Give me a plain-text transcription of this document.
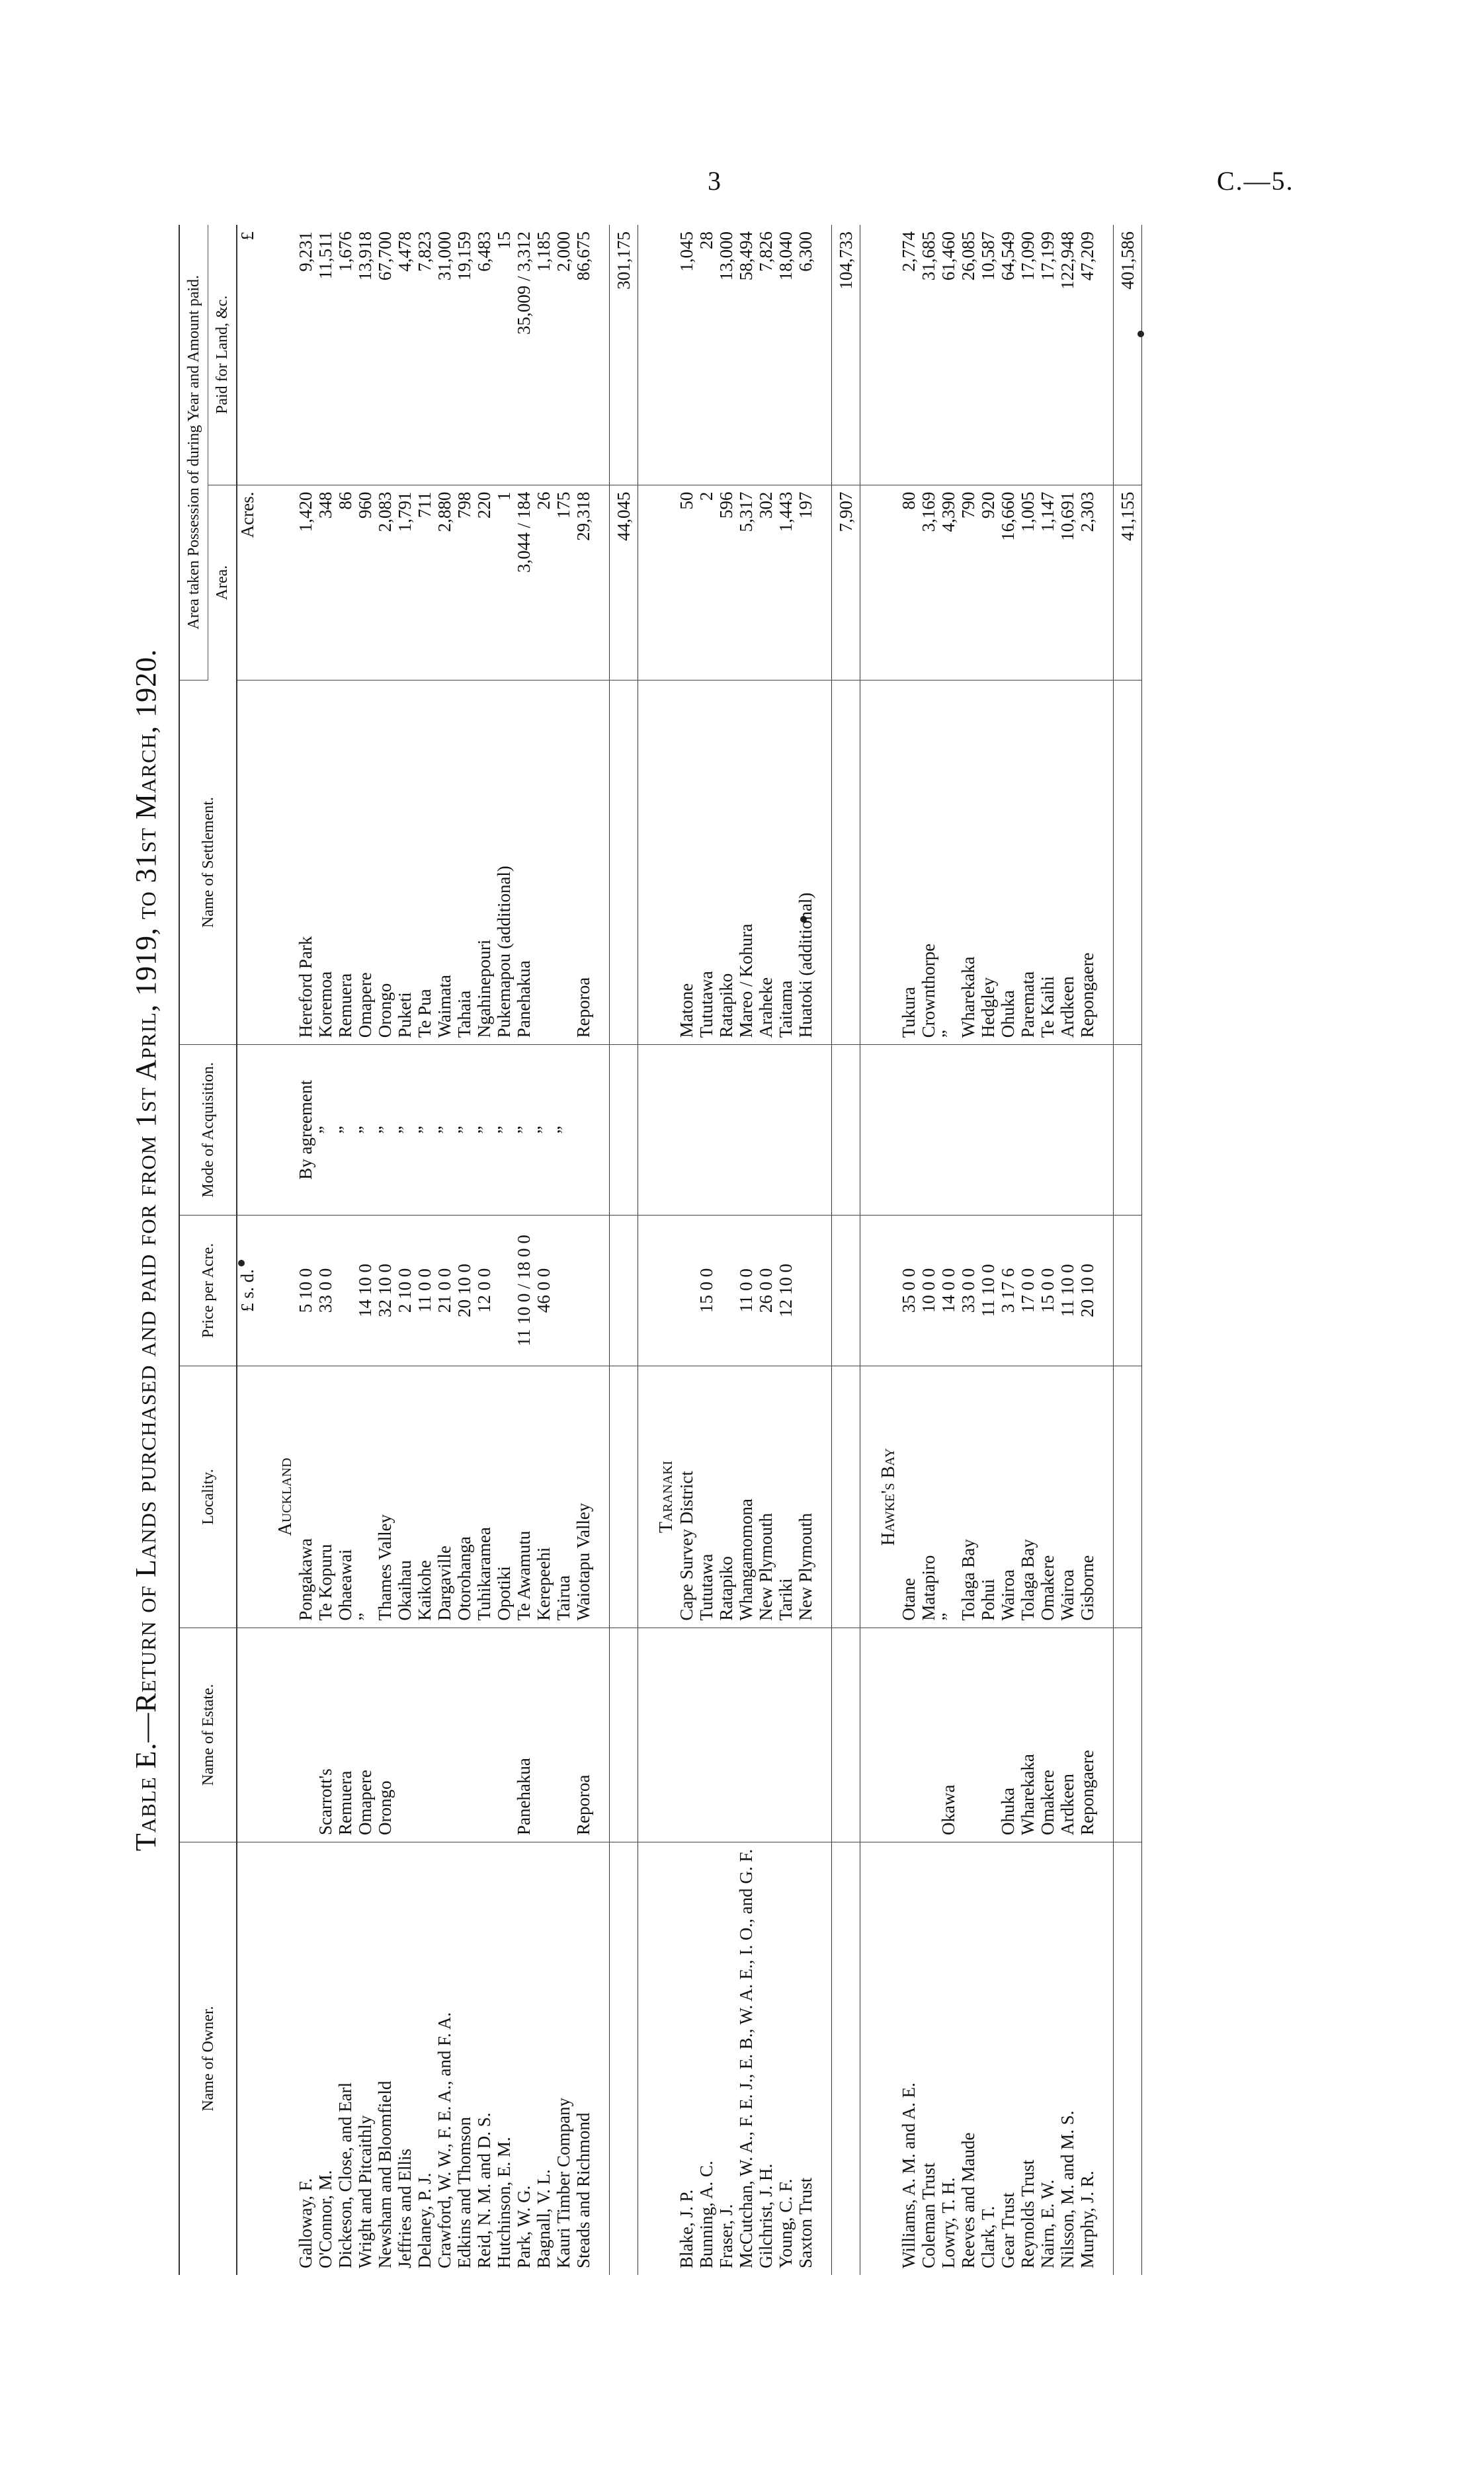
3	C.—5.
Table E.—Return of Lands purchased and paid for from 1st April, 1919, to 31st March, 1920.
Name of Owner.	Name of Estate.	Locality.	Price per Acre.	Mode of Acquisition.	Name of Settlement.	Area taken Possession of during Year and Amount paid.	
						Area.	Paid for Land, &c.
			£ s. d.			Acres.	£
		Auckland					
Galloway, F.		Pongakawa	5 10 0	By agreement	Hereford Park	1,420	9,231
O'Connor, M.	Scarrott's	Te Kopuru	33 0 0	”	Koremoa	348	11,511
Dickeson, Close, and Earl	Remuera	Ohaeawai		”	Remuera	86	1,676
Wright and Pitcaithly	Omapere	”	14 10 0	”	Omapere	960	13,918
Newsham and Bloomfield	Orongo	Thames Valley	32 10 0	”	Orongo	2,083	67,700
Jeffries and Ellis		Okaihau	2 10 0	”	Puketi	1,791	4,478
Delaney, P. J.		Kaikohe	11 0 0	”	Te Pua	711	7,823
Crawford, W. W., F. E. A., and F. A.		Dargaville	21 0 0	”	Waimata	2,880	31,000
Edkins and Thomson		Otorohanga	20 10 0	”	Tahaia	798	19,159
Reid, N. M. and D. S.		Tuhikaramea	12 0 0	”	Ngahinepouri	220	6,483
Hutchinson, E. M.		Opotiki		”	Pukemapou (additional)	1	15
Park, W. G.	Panehakua	Te Awamutu	11 10 0 / 18 0 0	”	Panehakua	3,044 / 184	35,009 / 3,312
Bagnall, V. L.		Kerepeehi	46 0 0	”		26	1,185
Kauri Timber Company		Tairua		”		175	2,000
Steads and Richmond	Reporoa	Waiotapu Valley			Reporoa	29,318	86,675

						44,045	301,175
		Taranaki					
Blake, J. P.		Cape Survey District			Matone	50	1,045
Bunning, A. C.		Tututawa	15 0 0		Tututawa	2	28
Fraser, J.		Ratapiko			Ratapiko	596	13,000
McCutchan, W. A., F. E. J., E. B., W. A. E., I. O., and G. F.		Whangamomona	11 0 0		Mareo / Kohura	5,317	58,494
Gilchrist, J. H.		New Plymouth	26 0 0		Araheke	302	7,826
Young, C. F.		Tariki	12 10 0		Taitama	1,443	18,040
Saxton Trust		New Plymouth			Huatoki (additional)	197	6,300

						7,907	104,733
		Hawke's Bay					
Williams, A. M. and A. E.		Otane	35 0 0		Tukura	80	2,774
Coleman Trust		Matapiro	10 0 0		Crownthorpe	3,169	31,685
Lowry, T. H.	Okawa	”	14 0 0		”	4,390	61,460
Reeves and Maude		Tolaga Bay	33 0 0		Wharekaka	790	26,085
Clark, T.		Pohui	11 10 0		Hedgley	920	10,587
Gear Trust	Ohuka	Wairoa	3 17 6		Ohuka	16,660	64,549
Reynolds Trust	Wharekaka	Tolaga Bay	17 0 0		Paremata	1,005	17,090
Nairn, E. W.	Omakere	Omakere	15 0 0		Te Kaihi	1,147	17,199
Nilsson, M. and M. S.	Ardkeen	Wairoa	11 10 0		Ardkeen	10,691	122,948
Murphy, J. R.	Repongaere	Gisborne	20 10 0		Repongaere	2,303	47,209

						41,155	401,586
